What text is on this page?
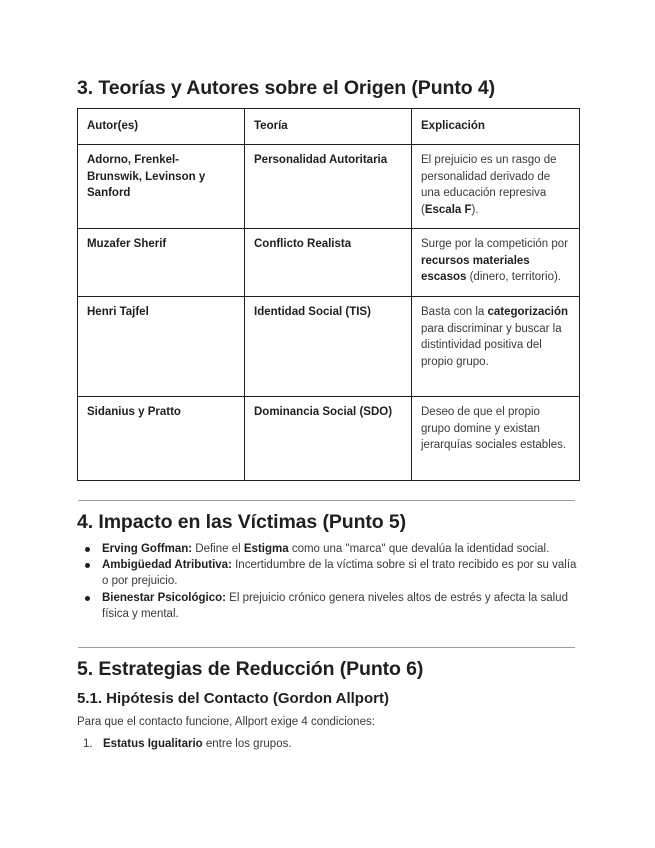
3. Teorías y Autores sobre el Origen (Punto 4)
Autor(es)	Teoría	Explicación
Adorno, Frenkel-Brunswik, Levinson y Sanford	Personalidad Autoritaria	El prejuicio es un rasgo de personalidad derivado de una educación represiva (Escala F).
Muzafer Sherif	Conflicto Realista	Surge por la competición por recursos materiales escasos (dinero, territorio).
Henri Tajfel	Identidad Social (TIS)	Basta con la categorización para discriminar y buscar la distintividad positiva del propio grupo.
Sidanius y Pratto	Dominancia Social (SDO)	Deseo de que el propio grupo domine y existan jerarquías sociales estables.
4. Impacto en las Víctimas (Punto 5)
Erving Goffman: Define el Estigma como una "marca" que devalúa la identidad social.
Ambigüedad Atributiva: Incertidumbre de la víctima sobre si el trato recibido es por su valía o por prejuicio.
Bienestar Psicológico: El prejuicio crónico genera niveles altos de estrés y afecta la salud física y mental.
5. Estrategias de Reducción (Punto 6)
5.1. Hipótesis del Contacto (Gordon Allport)

Para que el contacto funcione, Allport exige 4 condiciones:

1. Estatus Igualitario entre los grupos.
